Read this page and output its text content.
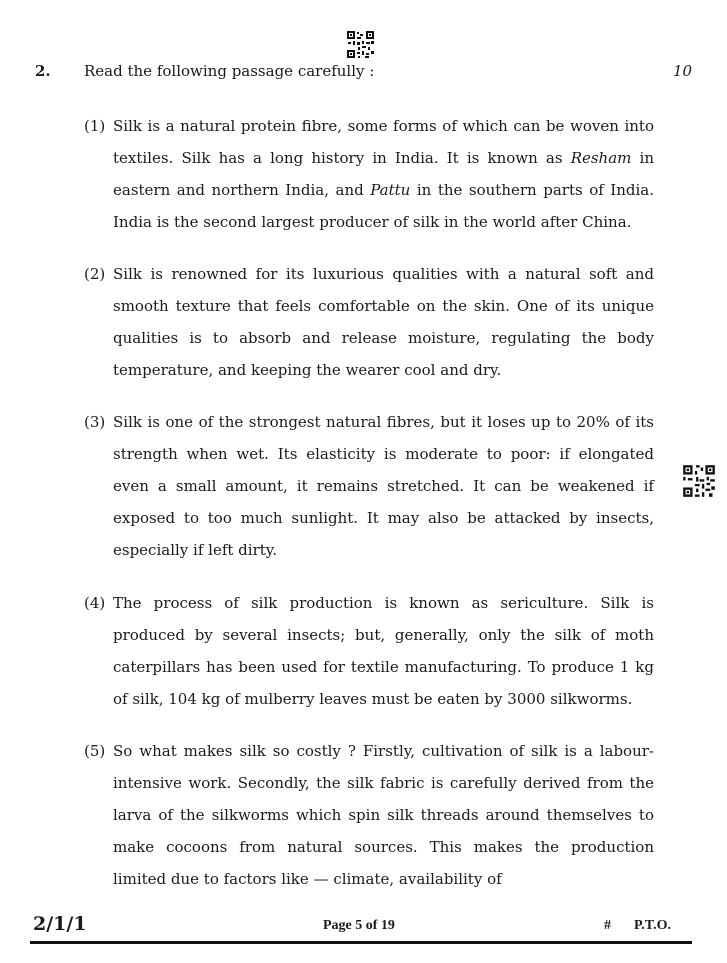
2. Read the following passage carefully :	10
(1) Silk is a natural protein fibre, some forms of which can be woven into textiles. Silk has a long history in India. It is known as Resham in eastern and northern India, and Pattu in the southern parts of India. India is the second largest producer of silk in the world after China.
(2) Silk is renowned for its luxurious qualities with a natural soft and smooth texture that feels comfortable on the skin. One of its unique qualities is to absorb and release moisture, regulating the body temperature, and keeping the wearer cool and dry.
(3) Silk is one of the strongest natural fibres, but it loses up to 20% of its strength when wet. Its elasticity is moderate to poor: if elongated even a small amount, it remains stretched. It can be weakened if exposed to too much sunlight. It may also be attacked by insects, especially if left dirty.
(4) The process of silk production is known as sericulture. Silk is produced by several insects; but, generally, only the silk of moth caterpillars has been used for textile manufacturing. To produce 1 kg of silk, 104 kg of mulberry leaves must be eaten by 3000 silkworms.
(5) So what makes silk so costly ? Firstly, cultivation of silk is a labour-intensive work. Secondly, the silk fabric is carefully derived from the larva of the silkworms which spin silk threads around themselves to make cocoons from natural sources. This makes the production limited due to factors like — climate, availability of
2/1/1	Page 5 of 19	# P.T.O.
